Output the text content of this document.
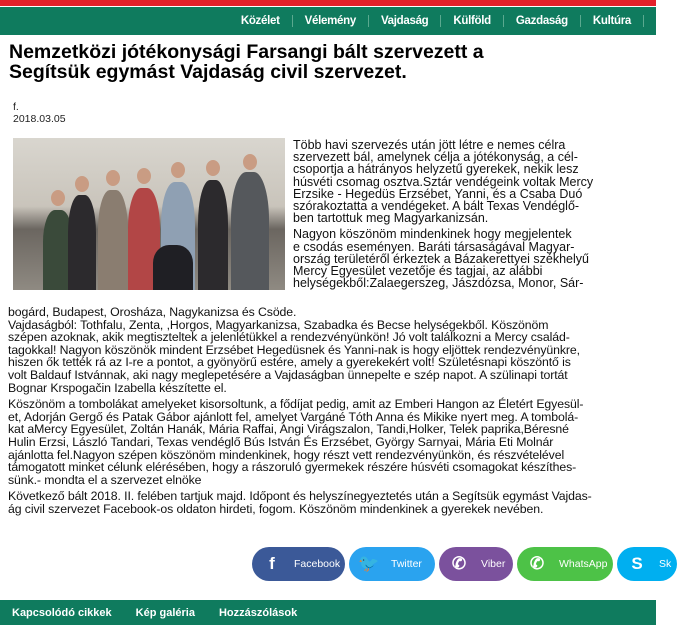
Közélet	Vélemény	Vajdaság	Külföld	Gazdaság	Kultúra
Nemzetközi jótékonysági Farsangi bált szervezett a
Segítsük egymást Vajdaság civil szervezet.
f.
2018.03.05
Több havi szervezés után jött létre e nemes célra
szervezett bál, amelynek célja a jótékonyság, a cél-
csoportja a hátrányos helyzetű gyerekek, nekik lesz
húsvéti csomag osztva.Sztár vendégeink voltak Mercy
Erzsike - Hegedüs Erzsébet, Yanni, és a Csaba Duó
szórakoztatta a vendégeket. A bált Texas Vendéglő-
ben tartottuk meg Magyarkanizsán.
Nagyon köszönöm mindenkinek hogy megjelentek
e csodás eseményen. Baráti társaságával Magyar-
ország területéről érkeztek a Bázakerettyei székhelyű
Mercy Egyesület vezetője és tagjai, az alábbi
helységekből:Zalaegerszeg, Jászdózsa, Monor, Sár-
bogárd, Budapest, Orosháza, Nagykanizsa és Csöde.
Vajdaságból: Tothfalu, Zenta, ,Horgos, Magyarkanizsa, Szabadka és Becse helységekből. Köszönöm
szépen azoknak, akik megtiszteltek a jelenlétükkel a rendezvényünkön! Jó volt találkozni a Mercy család-
tagokkal! Nagyon köszönök mindent Erzsébet Hegedüsnek és Yanni-nak is hogy eljöttek rendezvényünkre,
hiszen ők tették rá az I-re a pontot, a gyönyörű estére, amely a gyerekekért volt! Születésnapi köszöntő is
volt Baldauf Istvánnak, aki nagy meglepetésére a Vajdaságban ünnepelte e szép napot. A szülinapi tortát
Bognar Krspogačin Izabella készítette el.
Köszönöm a tombolákat amelyeket kisorsoltunk, a fődíjat pedig, amit az Emberi Hangon az Életért Egyesül-
et, Adorján Gergő és Patak Gábor ajánlott fel, amelyet Vargáné Tóth Anna és Mikike nyert meg. A tombolá-
kat aMercy Egyesület, Zoltán Hanák, Mária Raffai, Angi Virágszalon, Tandi,Holker, Telek paprika,Béresné
Hulin Erzsi, László Tandari, Texas vendéglő Bús István És Erzsébet, György Sarnyai, Mária Eti Molnár
ajánlotta fel.Nagyon szépen köszönöm mindenkinek, hogy részt vett rendezvényünkön, és részvételével
támogatott minket célunk elérésében, hogy a rászoruló gyermekek részére húsvéti csomagokat készíthes-
sünk.- mondta el a szervezet elnöke
Következő bált 2018. II. felében tartjuk majd. Időpont és helyszínegyeztetés után a Segítsük egymást Vajdas-
ág civil szervezet Facebook-os oldaton hirdeti, fogom. Köszönöm mindenkinek a gyerekek nevében.
f	Facebook 🐦 Twitter ✆ Viber ✆ WhatsApp S	Sk
Kapcsolódó cikkek Kép galéria Hozzászólások
